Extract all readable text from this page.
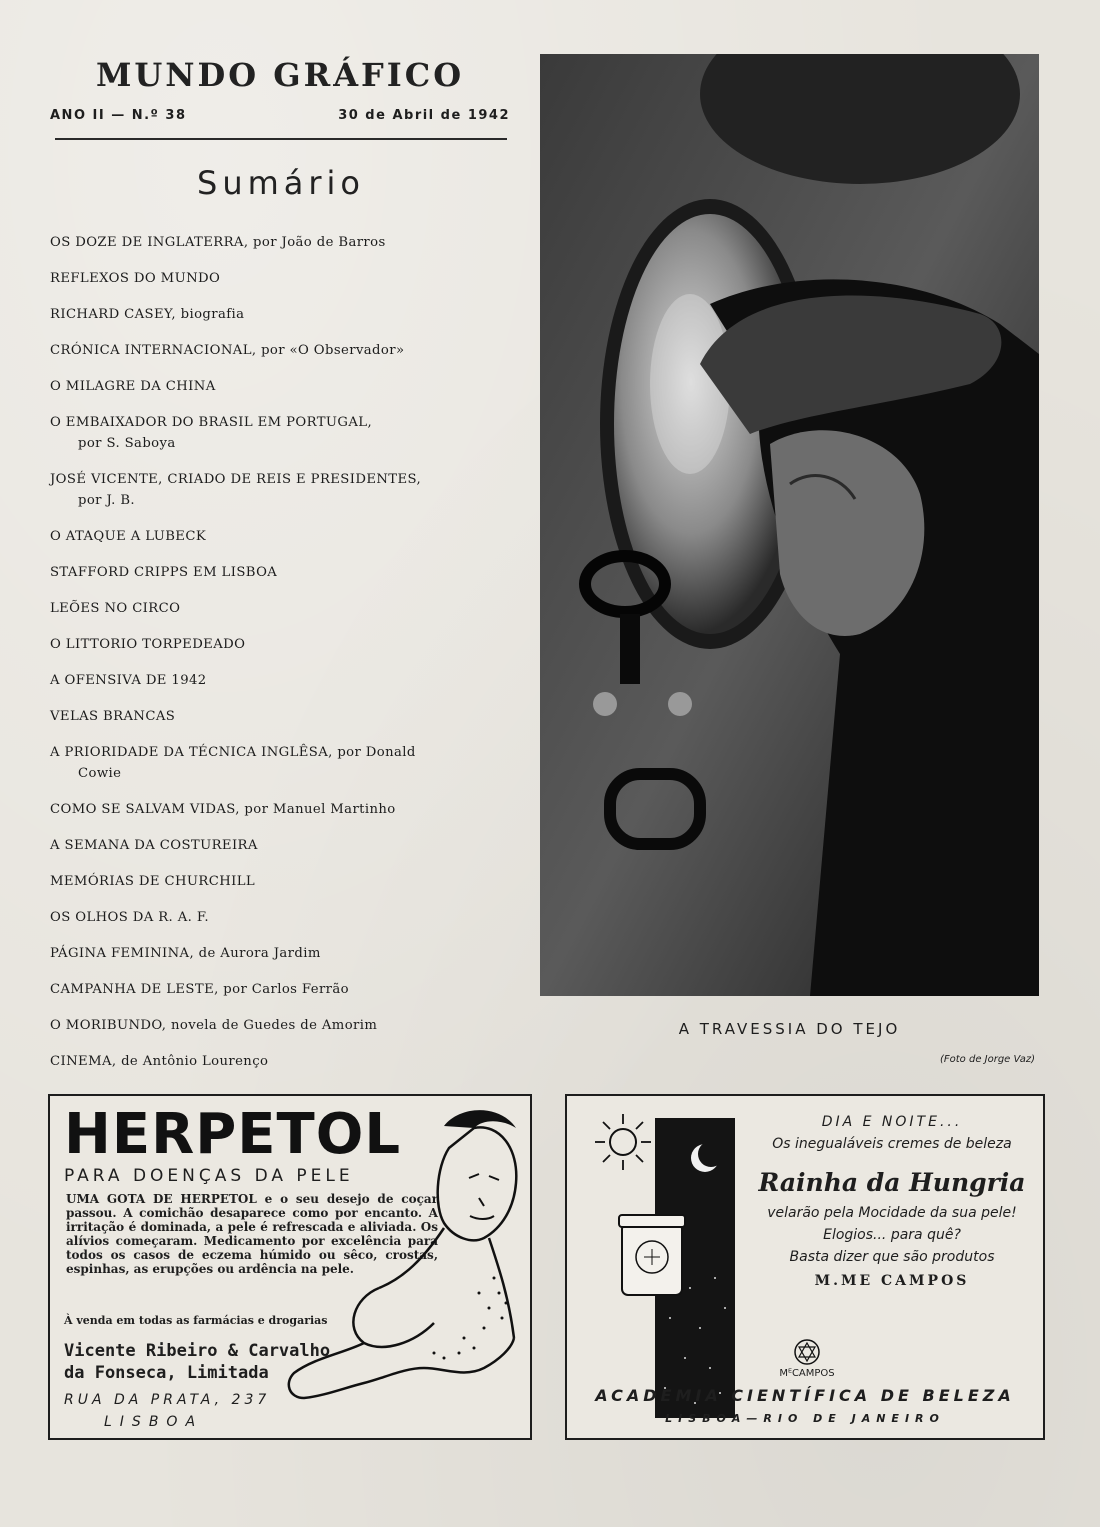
MUNDO GRÁFICO
ANO II — N.º 38	30 de Abril de 1942
Sumário
OS DOZE DE INGLATERRA, por João de Barros
REFLEXOS DO MUNDO
RICHARD CASEY, biografia
CRÓNICA INTERNACIONAL, por «O Observador»
O MILAGRE DA CHINA
O EMBAIXADOR DO BRASIL EM PORTUGAL,
por S. Saboya
JOSÉ VICENTE, CRIADO DE REIS E PRESIDENTES,
por J. B.
O ATAQUE A LUBECK
STAFFORD CRIPPS EM LISBOA
LEÕES NO CIRCO
O LITTORIO TORPEDEADO
A OFENSIVA DE 1942
VELAS BRANCAS
A PRIORIDADE DA TÉCNICA INGLÊSA, por Donald
Cowie
COMO SE SALVAM VIDAS, por Manuel Martinho
A SEMANA DA COSTUREIRA
MEMÓRIAS DE CHURCHILL
OS OLHOS DA R. A. F.
PÁGINA FEMININA, de Aurora Jardim
CAMPANHA DE LESTE, por Carlos Ferrão
O MORIBUNDO, novela de Guedes de Amorim
CINEMA, de Antônio Lourenço
A TRAVESSIA DO TEJO
(Foto de Jorge Vaz)
HERPETOL
PARA DOENÇAS DA PELE
UMA GOTA DE HERPETOL e o seu desejo de coçar passou. A comichão desaparece como por encanto. A irritação é dominada, a pele é refrescada e aliviada. Os alívios começaram. Medicamento por excelência para todos os casos de eczema húmido ou sêco, crostas, espinhas, as erupções ou ardência na pele.
À venda em todas as farmácias e drogarias
Vicente Ribeiro & Carvalho
da Fonseca, Limitada
RUA DA PRATA, 237
LISBOA
DIA E NOITE...
Os inegualáveis cremes de beleza
Rainha da Hungria
velarão pela Mocidade da sua pele!
Elogios... para quê?
Basta dizer que são produtos
M.ME CAMPOS
MᴱCAMPOS
ACADEMIA CIENTÍFICA DE BELEZA
LISBOA—RIO DE JANEIRO
